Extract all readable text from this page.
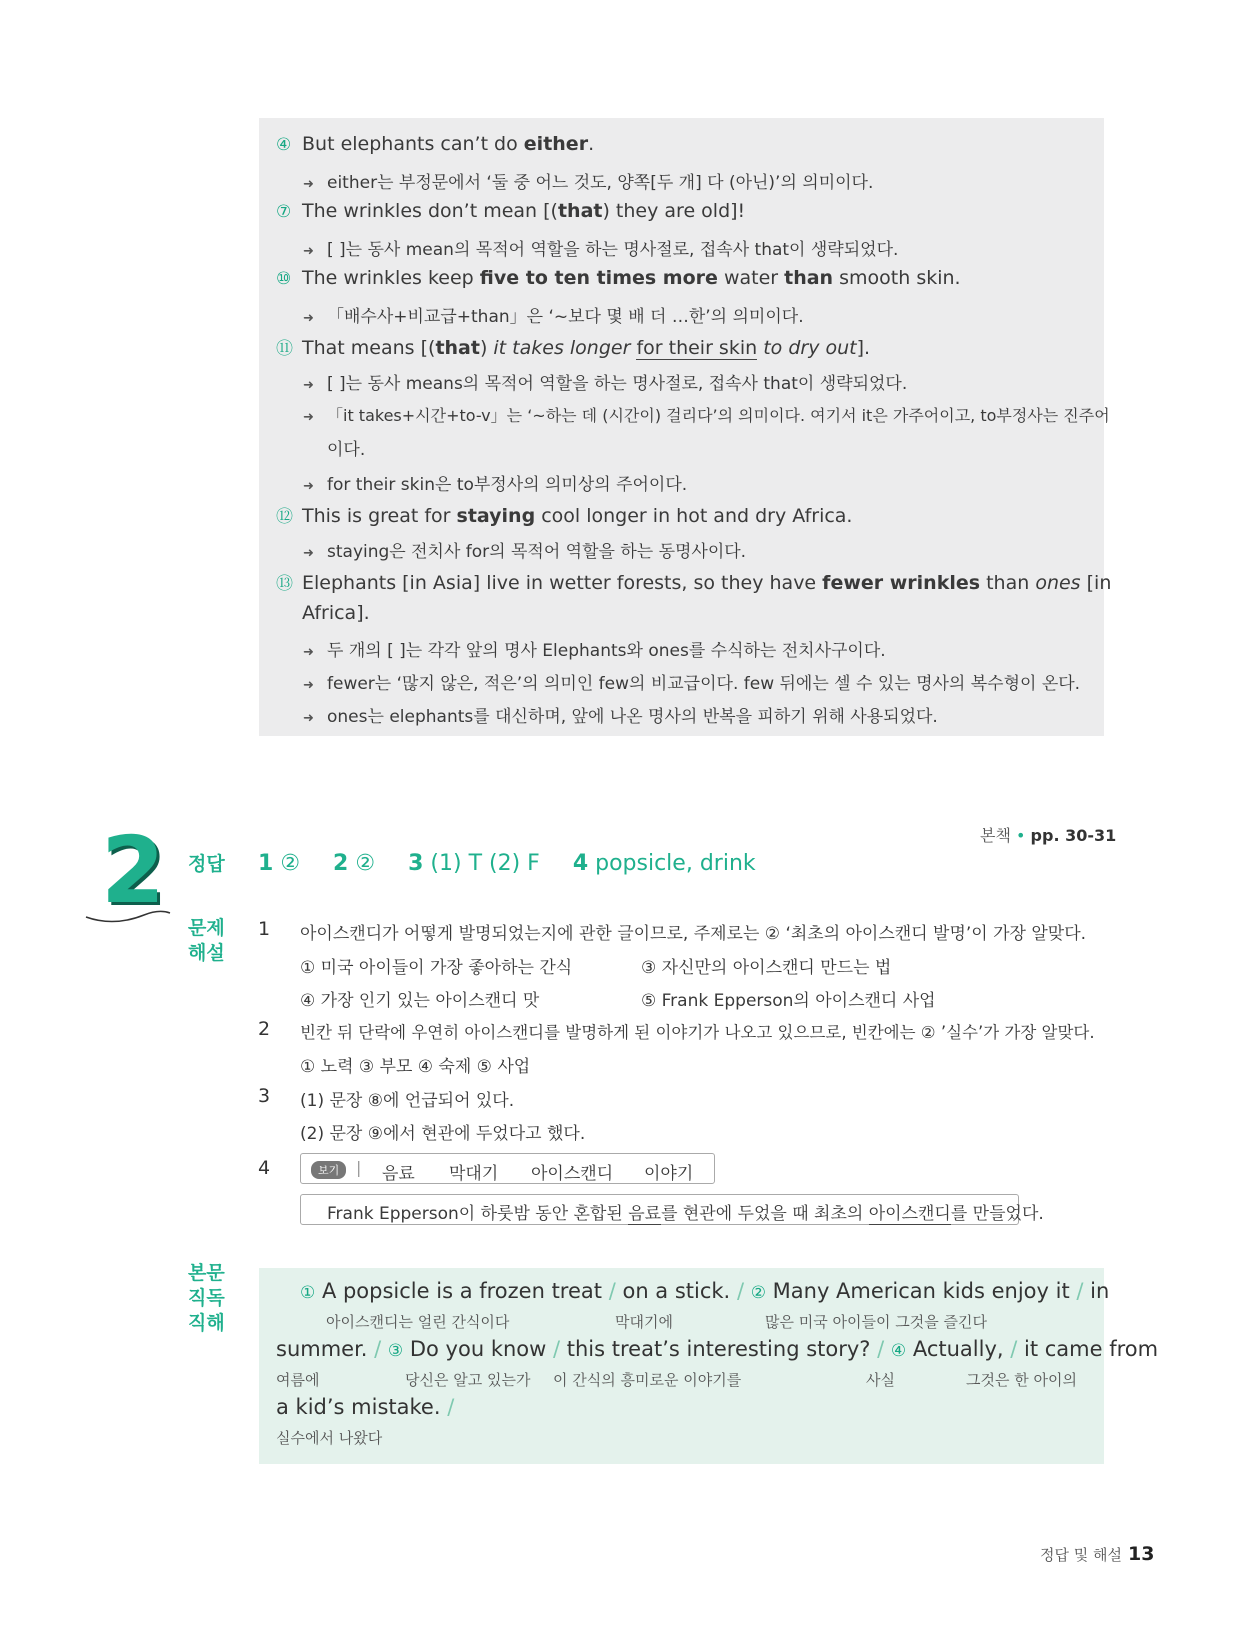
④ But elephants can’t do either.
➜ either는 부정문에서 ‘둘 중 어느 것도, 양쪽[두 개] 다 (아닌)’의 의미이다.
⑦ The wrinkles don’t mean [(that) they are old]!
➜ [ ]는 동사 mean의 목적어 역할을 하는 명사절로, 접속사 that이 생략되었다.
⑩ The wrinkles keep five to ten times more water than smooth skin.
➜ 「배수사+비교급+than」은 ‘~보다 몇 배 더 …한’의 의미이다.
⑪ That means [(that) it takes longer for their skin to dry out].
➜ [ ]는 동사 means의 목적어 역할을 하는 명사절로, 접속사 that이 생략되었다.
➜ 「it takes+시간+to-v」는 ‘~하는 데 (시간이) 걸리다’의 의미이다. 여기서 it은 가주어이고, to부정사는 진주어
이다.
➜ for their skin은 to부정사의 의미상의 주어이다.
⑫ This is great for staying cool longer in hot and dry Africa.
➜ staying은 전치사 for의 목적어 역할을 하는 동명사이다.
⑬ Elephants [in Asia] live in wetter forests, so they have fewer wrinkles than ones [in
Africa].
➜ 두 개의 [ ]는 각각 앞의 명사 Elephants와 ones를 수식하는 전치사구이다.
➜ fewer는 ‘많지 않은, 적은’의 의미인 few의 비교급이다. few 뒤에는 셀 수 있는 명사의 복수형이 온다.
➜ ones는 elephants를 대신하며, 앞에 나온 명사의 반복을 피하기 위해 사용되었다.
2	본책 • pp. 30-31
정답 1 ② 2 ② 3 (1) T (2) F 4 popsicle, drink
문제
해설
1 아이스캔디가 어떻게 발명되었는지에 관한 글이므로, 주제로는 ② ‘최초의 아이스캔디 발명’이 가장 알맞다.
① 미국 아이들이 가장 좋아하는 간식	③ 자신만의 아이스캔디 만드는 법
④ 가장 인기 있는 아이스캔디 맛	⑤ Frank Epperson의 아이스캔디 사업
2 빈칸 뒤 단락에 우연히 아이스캔디를 발명하게 된 이야기가 나오고 있으므로, 빈칸에는 ② ’실수’가 가장 알맞다.
① 노력 ③ 부모 ④ 숙제 ⑤ 사업
3 (1) 문장 ⑧에 언급되어 있다.
(2) 문장 ⑨에서 현관에 두었다고 했다.
4	보기	| 음료 막대기 아이스캔디 이야기
Frank Epperson이 하룻밤 동안 혼합된 음료를 현관에 두었을 때 최초의 아이스캔디를 만들었다.
본문
직독
직해
① A popsicle is a frozen treat / on a stick. / ② Many American kids enjoy it / in
아이스캔디는 얼린 간식이다	막대기에	많은 미국 아이들이 그것을 즐긴다
summer. / ③ Do you know / this treat’s interesting story? / ④ Actually, / it came from
여름에	당신은 알고 있는가 이 간식의 흥미로운 이야기를	사실	그것은 한 아이의
a kid’s mistake. /
실수에서 나왔다
정답 및 해설 13
